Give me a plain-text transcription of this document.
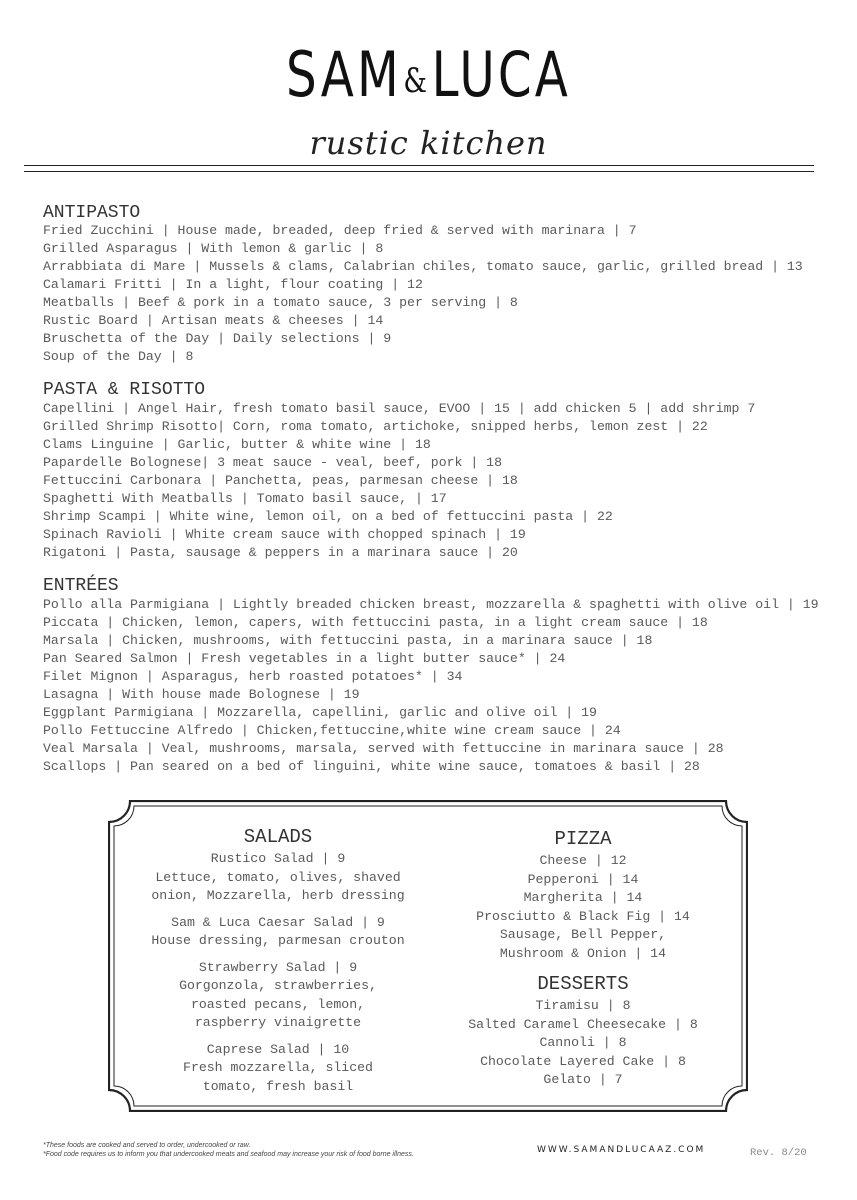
SAM&LUCA
rustic kitchen
ANTIPASTO
Fried Zucchini | House made, breaded, deep fried & served with marinara | 7
Grilled Asparagus | With lemon & garlic | 8
Arrabbiata di Mare | Mussels & clams, Calabrian chiles, tomato sauce, garlic, grilled bread | 13
Calamari Fritti | In a light, flour coating | 12
Meatballs | Beef & pork in a tomato sauce, 3 per serving | 8
Rustic Board | Artisan meats & cheeses | 14
Bruschetta of the Day | Daily selections | 9
Soup of the Day | 8
PASTA & RISOTTO
Capellini | Angel Hair, fresh tomato basil sauce, EVOO | 15 | add chicken 5 | add shrimp 7
Grilled Shrimp Risotto| Corn, roma tomato, artichoke, snipped herbs, lemon zest | 22
Clams Linguine | Garlic, butter & white wine | 18
Papardelle Bolognese| 3 meat sauce - veal, beef, pork | 18
Fettuccini Carbonara | Panchetta, peas, parmesan cheese | 18
Spaghetti With Meatballs | Tomato basil sauce, | 17
Shrimp Scampi | White wine, lemon oil, on a bed of fettuccini pasta | 22
Spinach Ravioli | White cream sauce with chopped spinach | 19
Rigatoni | Pasta, sausage & peppers in a marinara sauce | 20
ENTRÉES
Pollo alla Parmigiana | Lightly breaded chicken breast, mozzarella & spaghetti with olive oil | 19
Piccata | Chicken, lemon, capers, with fettuccini pasta, in a light cream sauce | 18
Marsala | Chicken, mushrooms, with fettuccini pasta, in a marinara sauce | 18
Pan Seared Salmon | Fresh vegetables in a light butter sauce* | 24
Filet Mignon | Asparagus, herb roasted potatoes* | 34
Lasagna | With house made Bolognese | 19
Eggplant Parmigiana | Mozzarella, capellini, garlic and olive oil | 19
Pollo Fettuccine Alfredo | Chicken,fettuccine,white wine cream sauce | 24
Veal Marsala | Veal, mushrooms, marsala, served with fettuccine in marinara sauce | 28
Scallops | Pan seared on a bed of linguini, white wine sauce, tomatoes & basil | 28
SALADS
Rustico Salad | 9
Lettuce, tomato, olives, shaved
onion, Mozzarella, herb dressing
Sam & Luca Caesar Salad | 9
House dressing, parmesan crouton
Strawberry Salad | 9
Gorgonzola, strawberries,
roasted pecans, lemon,
raspberry vinaigrette
Caprese Salad | 10
Fresh mozzarella, sliced
tomato, fresh basil
PIZZA
Cheese | 12
Pepperoni | 14
Margherita | 14
Prosciutto & Black Fig | 14
Sausage, Bell Pepper,
Mushroom & Onion | 14
DESSERTS
Tiramisu | 8
Salted Caramel Cheesecake | 8
Cannoli | 8
Chocolate Layered Cake | 8
Gelato | 7
*These foods are cooked and served to order, undercooked or raw.
*Food code requires us to inform you that undercooked meats and seafood may increase your risk of food borne illness.	WWW.SAMANDLUCAAZ.COM	Rev. 8/20
